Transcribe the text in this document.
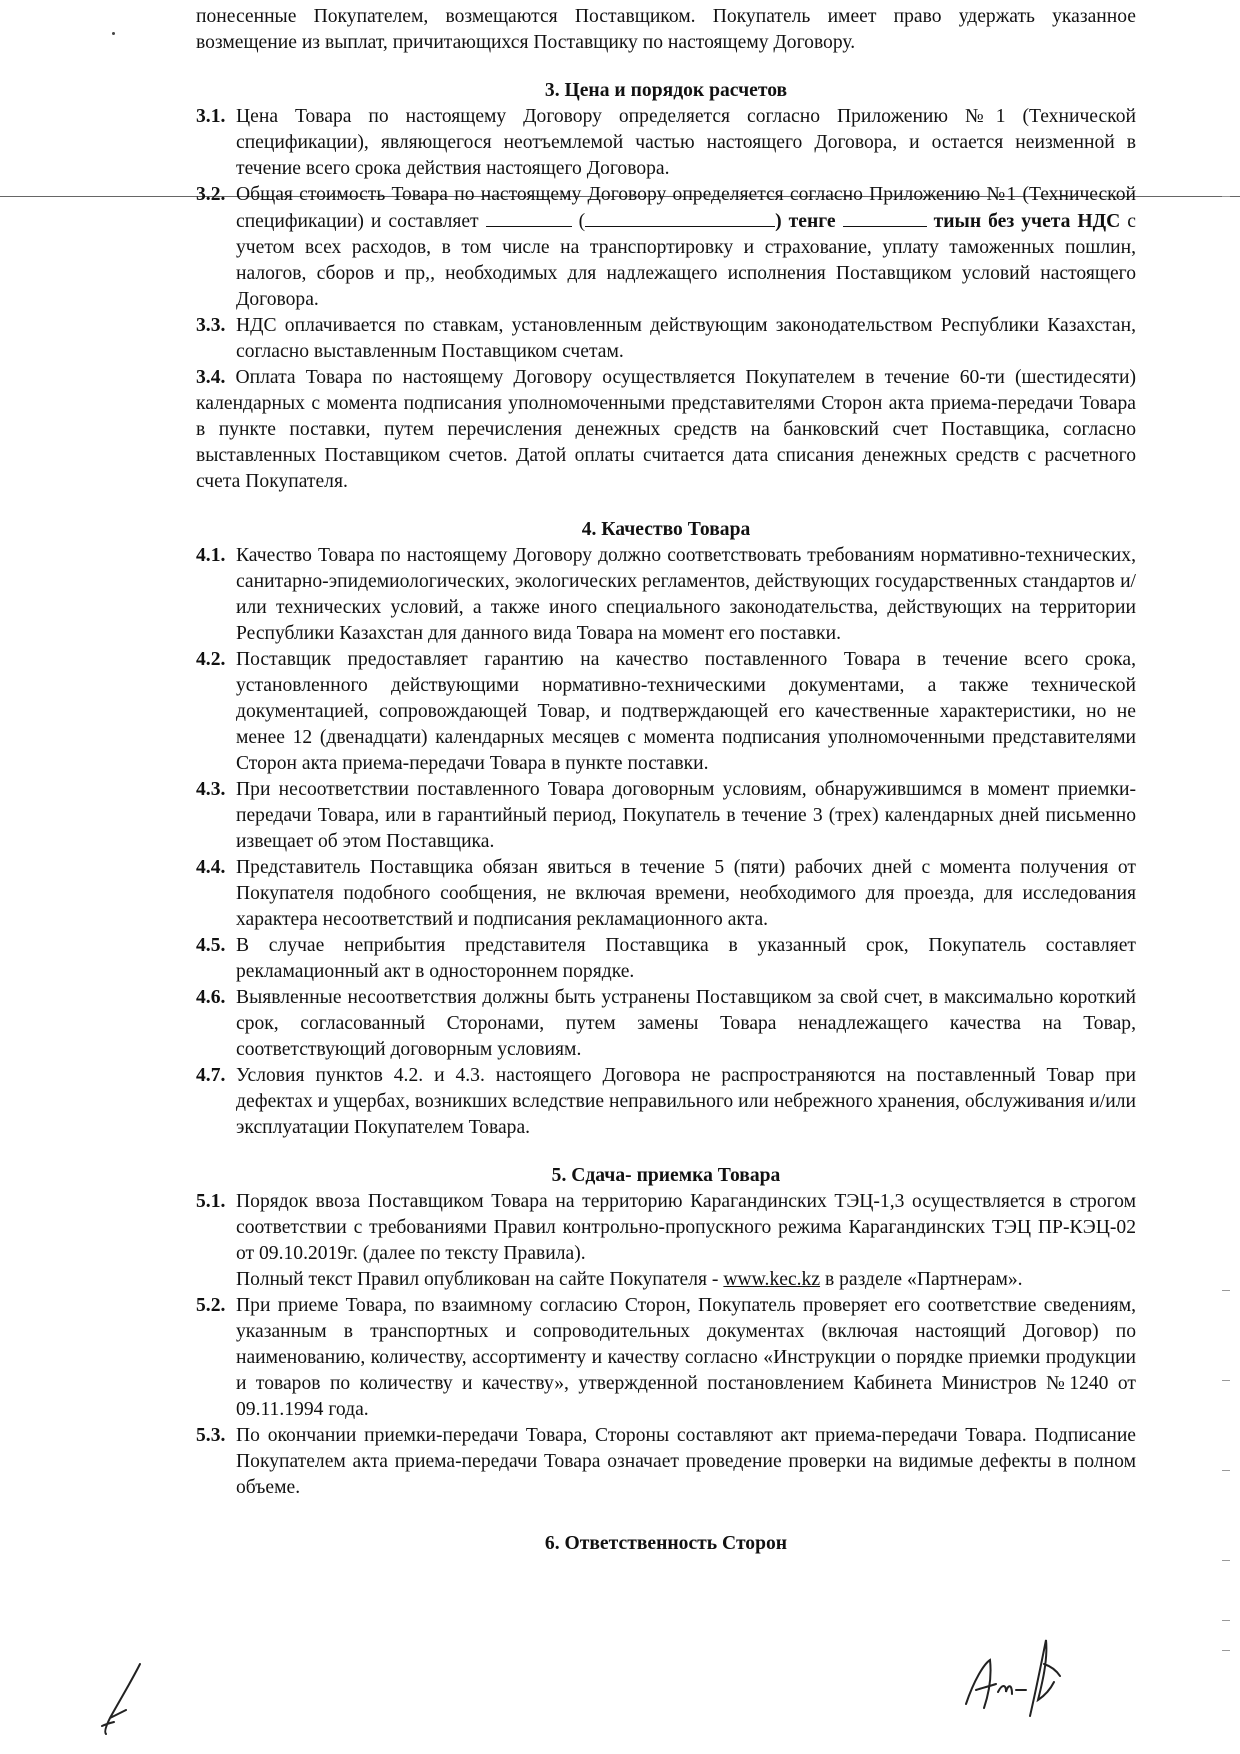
понесенные Покупателем, возмещаются Поставщиком. Покупатель имеет право удержать указанное возмещение из выплат, причитающихся Поставщику по настоящему Договору.

3. Цена и порядок расчетов
3.1. Цена Товара по настоящему Договору определяется согласно Приложению №1 (Технической спецификации), являющегося неотъемлемой частью настоящего Договора, и остается неизменной в течение всего срока действия настоящего Договора.
3.2. Общая стоимость Товара по настоящему Договору определяется согласно Приложению №1 (Технической спецификации) и составляет	(	) тенге	тиын без учета НДС с учетом всех расходов, в том числе на транспортировку и страхование, уплату таможенных пошлин, налогов, сборов и пр,, необходимых для надлежащего исполнения Поставщиком условий настоящего Договора.
3.3. НДС оплачивается по ставкам, установленным действующим законодательством Республики Казахстан, согласно выставленным Поставщиком счетам.

3.4. Оплата Товара по настоящему Договору осуществляется Покупателем в течение 60-ти (шестидесяти) календарных с момента подписания уполномоченными представителями Сторон акта приема-передачи Товара в пункте поставки, путем перечисления денежных средств на банковский счет Поставщика, согласно выставленных Поставщиком счетов. Датой оплаты считается дата списания денежных средств с расчетного счета Покупателя.

4. Качество Товара
4.1. Качество Товара по настоящему Договору должно соответствовать требованиям нормативно-технических, санитарно-эпидемиологических, экологических регламентов, действующих государственных стандартов и/или технических условий, а также иного специального законодательства, действующих на территории Республики Казахстан для данного вида Товара на момент его поставки.
4.2. Поставщик предоставляет гарантию на качество поставленного Товара в течение всего срока, установленного действующими нормативно-техническими документами, а также технической документацией, сопровождающей Товар, и подтверждающей его качественные характеристики, но не менее 12 (двенадцати) календарных месяцев с момента подписания уполномоченными представителями Сторон акта приема-передачи Товара в пункте поставки.
4.3. При несоответствии поставленного Товара договорным условиям, обнаружившимся в момент приемки-передачи Товара, или в гарантийный период, Покупатель в течение 3 (трех) календарных дней письменно извещает об этом Поставщика.
4.4. Представитель Поставщика обязан явиться в течение 5 (пяти) рабочих дней с момента получения от Покупателя подобного сообщения, не включая времени, необходимого для проезда, для исследования характера несоответствий и подписания рекламационного акта.
4.5. В случае неприбытия представителя Поставщика в указанный срок, Покупатель составляет рекламационный акт в одностороннем порядке.
4.6. Выявленные несоответствия должны быть устранены Поставщиком за свой счет, в максимально короткий срок, согласованный Сторонами, путем замены Товара ненадлежащего качества на Товар, соответствующий договорным условиям.
4.7. Условия пунктов 4.2. и 4.3. настоящего Договора не распространяются на поставленный Товар при дефектах и ущербах, возникших вследствие неправильного или небрежного хранения, обслуживания и/или эксплуатации Покупателем Товара.
5. Сдача- приемка Товара
5.1. Порядок ввоза Поставщиком Товара на территорию Карагандинских ТЭЦ-1,3 осуществляется в строгом соответствии с требованиями Правил контрольно-пропускного режима Карагандинских ТЭЦ ПР-КЭЦ-02 от 09.10.2019г. (далее по тексту Правила).
Полный текст Правил опубликован на сайте Покупателя - www.kec.kz в разделе «Партнерам».
5.2. При приеме Товара, по взаимному согласию Сторон, Покупатель проверяет его соответствие сведениям, указанным в транспортных и сопроводительных документах (включая настоящий Договор) по наименованию, количеству, ассортименту и качеству согласно «Инструкции о порядке приемки продукции и товаров по количеству и качеству», утвержденной постановлением Кабинета Министров №1240 от 09.11.1994 года.
5.3. По окончании приемки-передачи Товара, Стороны составляют акт приема-передачи Товара. Подписание Покупателем акта приема-передачи Товара означает проведение проверки на видимые дефекты в полном объеме.
6. Ответственность Сторон
